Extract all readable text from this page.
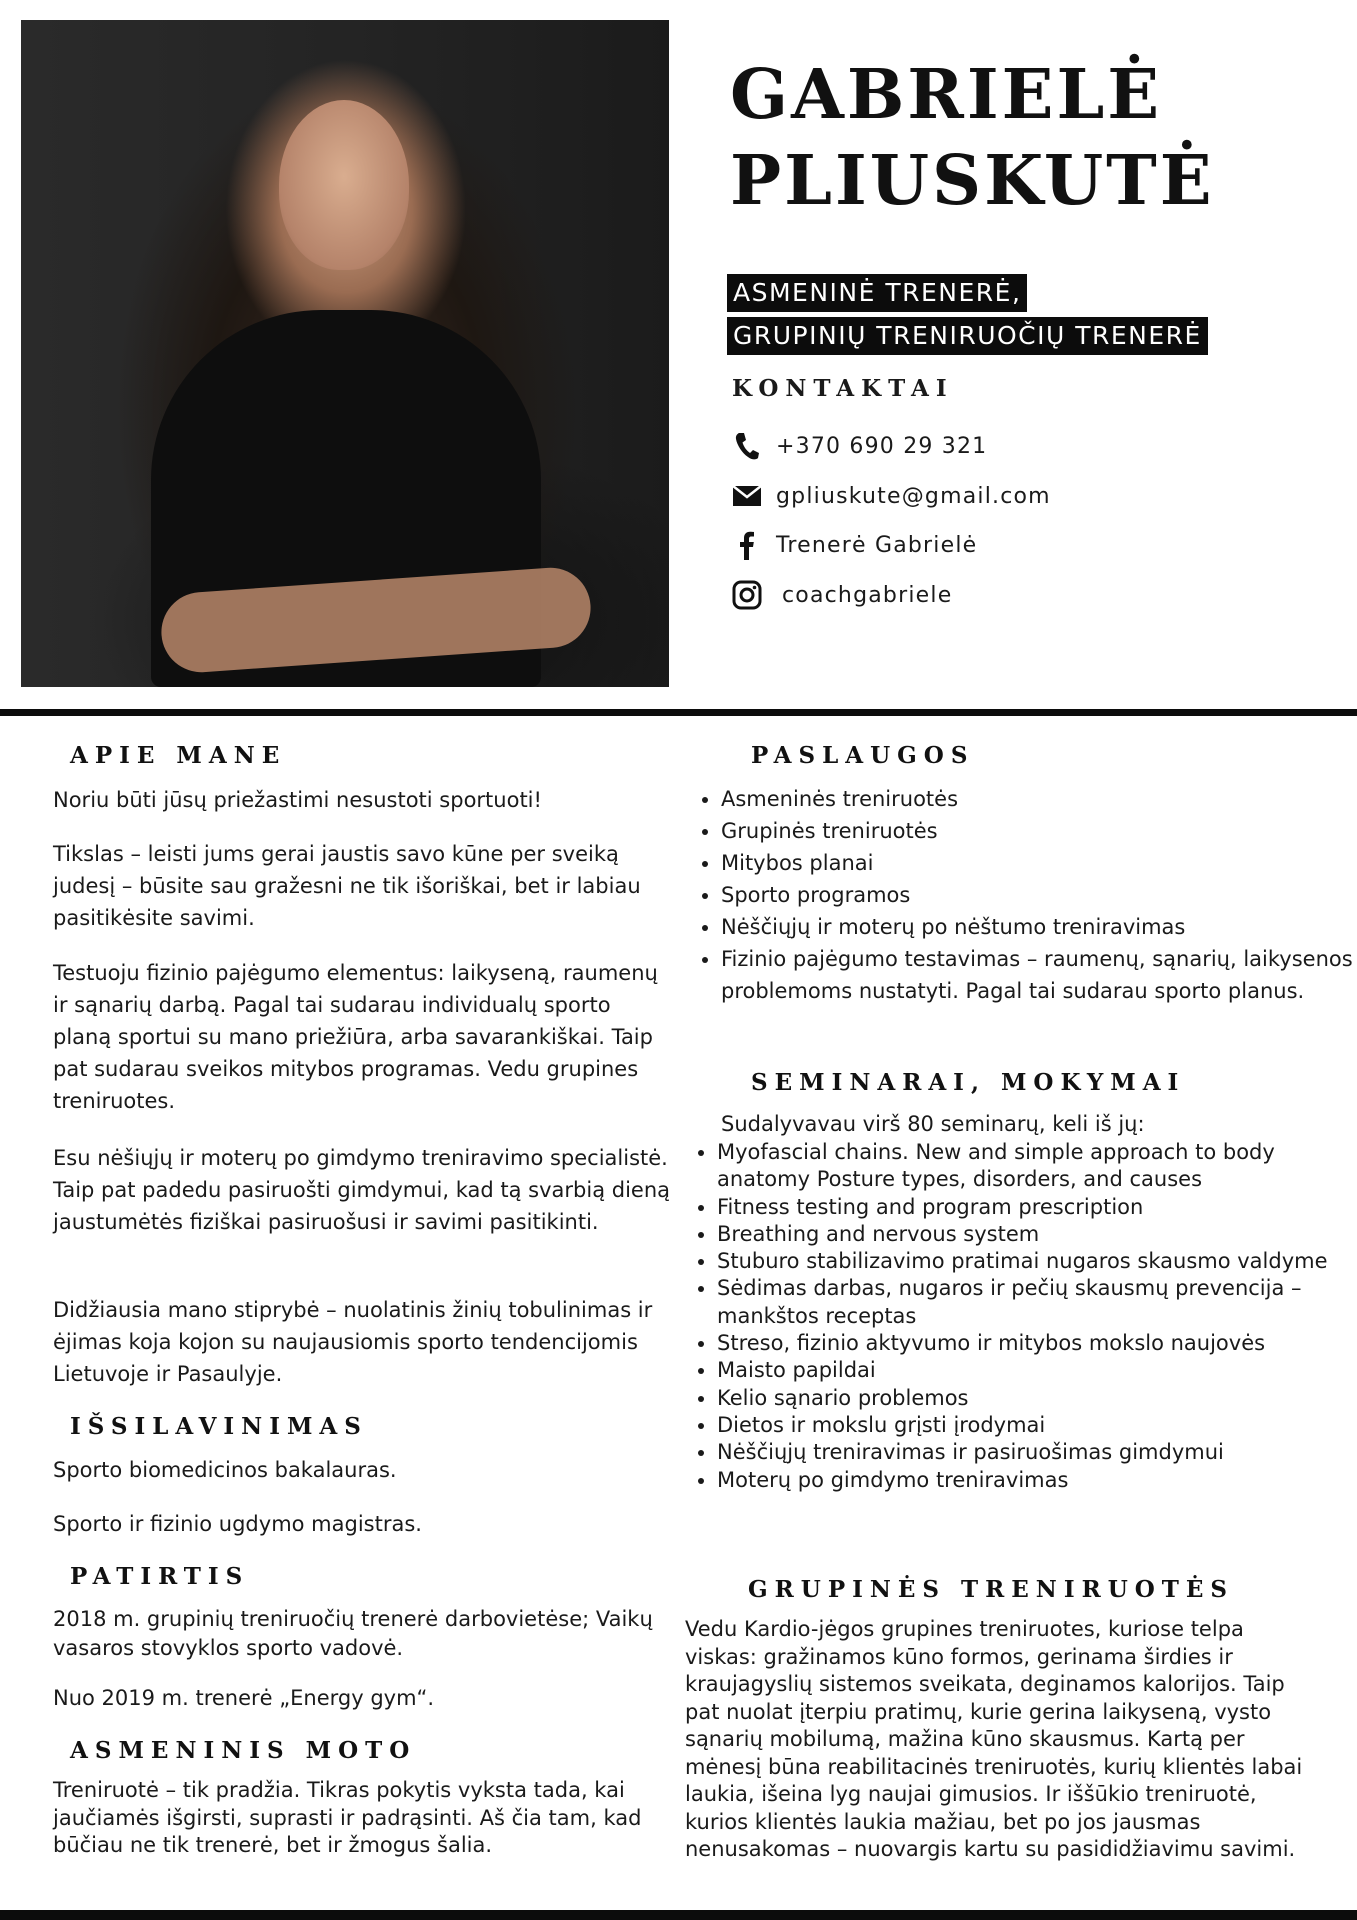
GABRIELĖ
PLIUSKUTĖ
ASMENINĖ TRENERĖ,
GRUPINIŲ TRENIRUOČIŲ TRENERĖ
KONTAKTAI
+370 690 29 321
gpliuskute@gmail.com
Trenerė Gabrielė
coachgabriele
APIE MANE

Noriu būti jūsų priežastimi nesustoti sportuoti!

Tikslas – leisti jums gerai jaustis savo kūne per sveiką judesį – būsite sau gražesni ne tik išoriškai, bet ir labiau pasitikėsite savimi.

Testuoju fizinio pajėgumo elementus: laikyseną, raumenų ir sąnarių darbą. Pagal tai sudarau individualų sporto planą sportui su mano priežiūra, arba savarankiškai. Taip pat sudarau sveikos mitybos programas. Vedu grupines treniruotes.

Esu nėšiųjų ir moterų po gimdymo treniravimo specialistė. Taip pat padedu pasiruošti gimdymui, kad tą svarbią dieną jaustumėtės fiziškai pasiruošusi ir savimi pasitikinti.

Didžiausia mano stiprybė – nuolatinis žinių tobulinimas ir ėjimas koja kojon su naujausiomis sporto tendencijomis Lietuvoje ir Pasaulyje.

IŠSILAVINIMAS

Sporto biomedicinos bakalauras.

Sporto ir fizinio ugdymo magistras.

PATIRTIS

2018 m. grupinių treniruočių trenerė darbovietėse; Vaikų vasaros stovyklos sporto vadovė.

Nuo 2019 m. trenerė „Energy gym“.

ASMENINIS MOTO

Treniruotė – tik pradžia. Tikras pokytis vyksta tada, kai jaučiamės išgirsti, suprasti ir padrąsinti. Aš čia tam, kad būčiau ne tik trenerė, bet ir žmogus šalia.

PASLAUGOS
• Asmeninės treniruotės
• Grupinės treniruotės
• Mitybos planai
• Sporto programos
• Nėščiųjų ir moterų po nėštumo treniravimas
• Fizinio pajėgumo testavimas – raumenų, sąnarių, laikysenos problemoms nustatyti. Pagal tai sudarau sporto planus.
SEMINARAI, MOKYMAI

Sudalyvavau virš 80 seminarų, keli iš jų:

• Myofascial chains. New and simple approach to body anatomy Posture types, disorders, and causes
• Fitness testing and program prescription
• Breathing and nervous system
• Stuburo stabilizavimo pratimai nugaros skausmo valdyme
• Sėdimas darbas, nugaros ir pečių skausmų prevencija – mankštos receptas
• Streso, fizinio aktyvumo ir mitybos mokslo naujovės
• Maisto papildai
• Kelio sąnario problemos
• Dietos ir mokslu grįsti įrodymai
• Nėščiųjų treniravimas ir pasiruošimas gimdymui
• Moterų po gimdymo treniravimas
GRUPINĖS TRENIRUOTĖS

Vedu Kardio-jėgos grupines treniruotes, kuriose telpa viskas: gražinamos kūno formos, gerinama širdies ir kraujagyslių sistemos sveikata, deginamos kalorijos. Taip pat nuolat įterpiu pratimų, kurie gerina laikyseną, vysto sąnarių mobilumą, mažina kūno skausmus. Kartą per mėnesį būna reabilitacinės treniruotės, kurių klientės labai laukia, išeina lyg naujai gimusios. Ir iššūkio treniruotė, kurios klientės laukia mažiau, bet po jos jausmas nenusakomas – nuovargis kartu su pasididžiavimu savimi.
